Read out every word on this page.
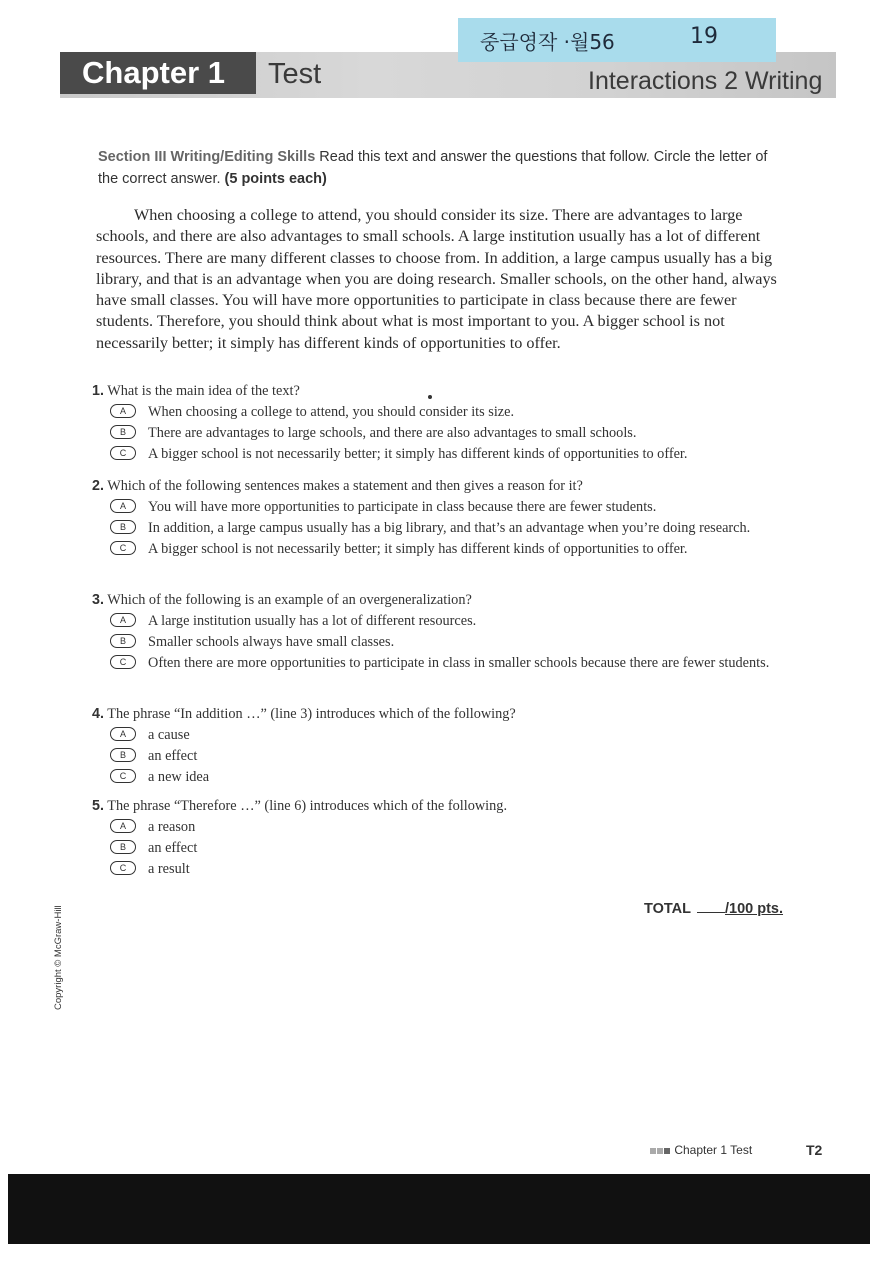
Chapter 1	Test	Interactions 2 Writing
중급영작 ·월56	19
Section III Writing/Editing Skills Read this text and answer the questions that follow. Circle the letter of the correct answer. (5 points each)

When choosing a college to attend, you should consider its size. There are advantages to large schools, and there are also advantages to small schools. A large institution usually has a lot of different resources. There are many different classes to choose from. In addition, a large campus usually has a big library, and that is an advantage when you are doing research. Smaller schools, on the other hand, always have small classes. You will have more opportunities to participate in class because there are fewer students. Therefore, you should think about what is most important to you. A bigger school is not necessarily better; it simply has different kinds of opportunities to offer.

1. What is the main idea of the text?
A	When choosing a college to attend, you should consider its size.
B	There are advantages to large schools, and there are also advantages to small schools.
C	A bigger school is not necessarily better; it simply has different kinds of opportunities to offer.
2. Which of the following sentences makes a statement and then gives a reason for it?
A	You will have more opportunities to participate in class because there are fewer students.
B	In addition, a large campus usually has a big library, and that’s an advantage when you’re doing research.
C	A bigger school is not necessarily better; it simply has different kinds of opportunities to offer.
3. Which of the following is an example of an overgeneralization?
A	A large institution usually has a lot of different resources.
B	Smaller schools always have small classes.
C	Often there are more opportunities to participate in class in smaller schools because there are fewer students.
4. The phrase “In addition …” (line 3) introduces which of the following?
A	a cause
B	an effect
C	a new idea
5. The phrase “Therefore …” (line 6) introduces which of the following.
A	a reason
B	an effect
C	a result
TOTAL /100 pts.
Copyright © McGraw-Hill
Chapter 1 Test	T2
